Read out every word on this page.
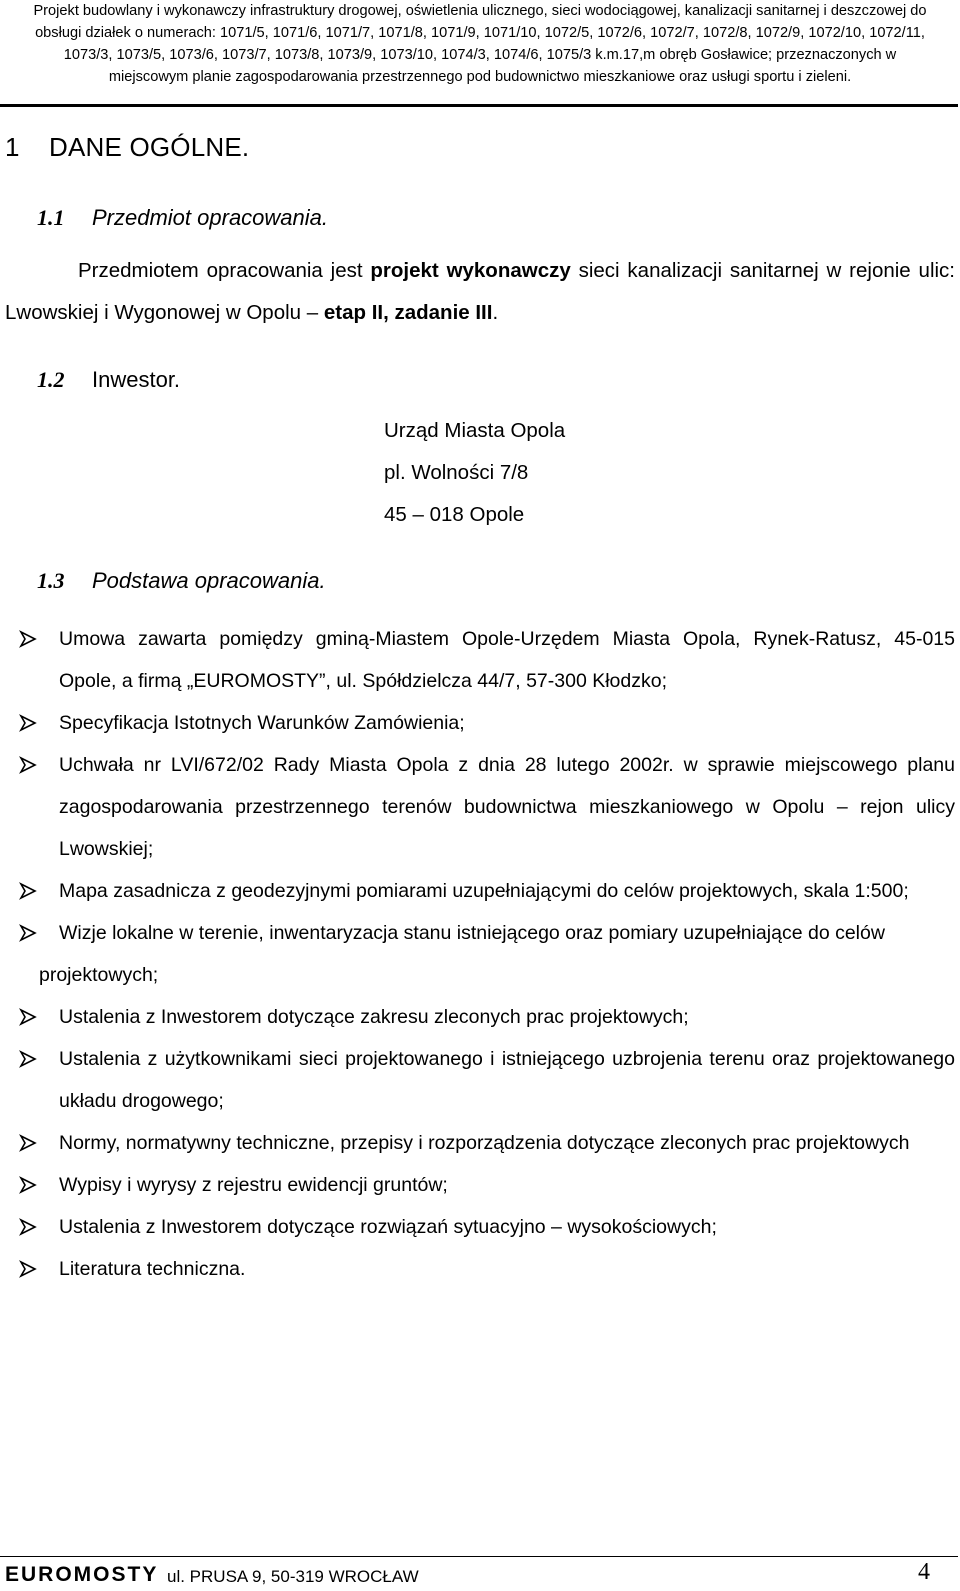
Projekt budowlany i wykonawczy infrastruktury drogowej, oświetlenia ulicznego, sieci wodociągowej, kanalizacji sanitarnej i deszczowej do
obsługi działek o numerach: 1071/5, 1071/6, 1071/7, 1071/8, 1071/9, 1071/10, 1072/5, 1072/6, 1072/7, 1072/8, 1072/9, 1072/10, 1072/11,
1073/3, 1073/5, 1073/6, 1073/7, 1073/8, 1073/9, 1073/10, 1074/3, 1074/6, 1075/3 k.m.17,m obręb Gosławice; przeznaczonych w
miejscowym planie zagospodarowania przestrzennego pod budownictwo mieszkaniowe oraz usługi sportu i zieleni.
1 DANE OGÓLNE.
1.1 Przedmiot opracowania.
Przedmiotem opracowania jest projekt wykonawczy sieci kanalizacji sanitarnej w rejonie ulic: Lwowskiej i Wygonowej w Opolu – etap II, zadanie III.
1.2 Inwestor.
Urząd Miasta Opola
pl. Wolności 7/8
45 – 018 Opole
1.3 Podstawa opracowania.
Umowa zawarta pomiędzy gminą-Miastem Opole-Urzędem Miasta Opola, Rynek-Ratusz, 45-015 Opole, a firmą „EUROMOSTY”, ul. Spółdzielcza 44/7, 57-300 Kłodzko;
Specyfikacja Istotnych Warunków Zamówienia;
Uchwała nr LVI/672/02 Rady Miasta Opola z dnia 28 lutego 2002r. w sprawie miejscowego planu zagospodarowania przestrzennego terenów budownictwa mieszkaniowego w Opolu – rejon ulicy Lwowskiej;
Mapa zasadnicza z geodezyjnymi pomiarami uzupełniającymi do celów projektowych, skala 1:500;
Wizje lokalne w terenie, inwentaryzacja stanu istniejącego oraz pomiary uzupełniające do celów
projektowych;
Ustalenia z Inwestorem dotyczące zakresu zleconych prac projektowych;
Ustalenia z użytkownikami sieci projektowanego i istniejącego uzbrojenia terenu oraz projektowanego układu drogowego;
Normy, normatywny techniczne, przepisy i rozporządzenia dotyczące zleconych prac projektowych
Wypisy i wyrysy z rejestru ewidencji gruntów;
Ustalenia z Inwestorem dotyczące rozwiązań sytuacyjno – wysokościowych;
Literatura techniczna.
EUROMOSTY ul. PRUSA 9, 50-319 WROCŁAW	4
